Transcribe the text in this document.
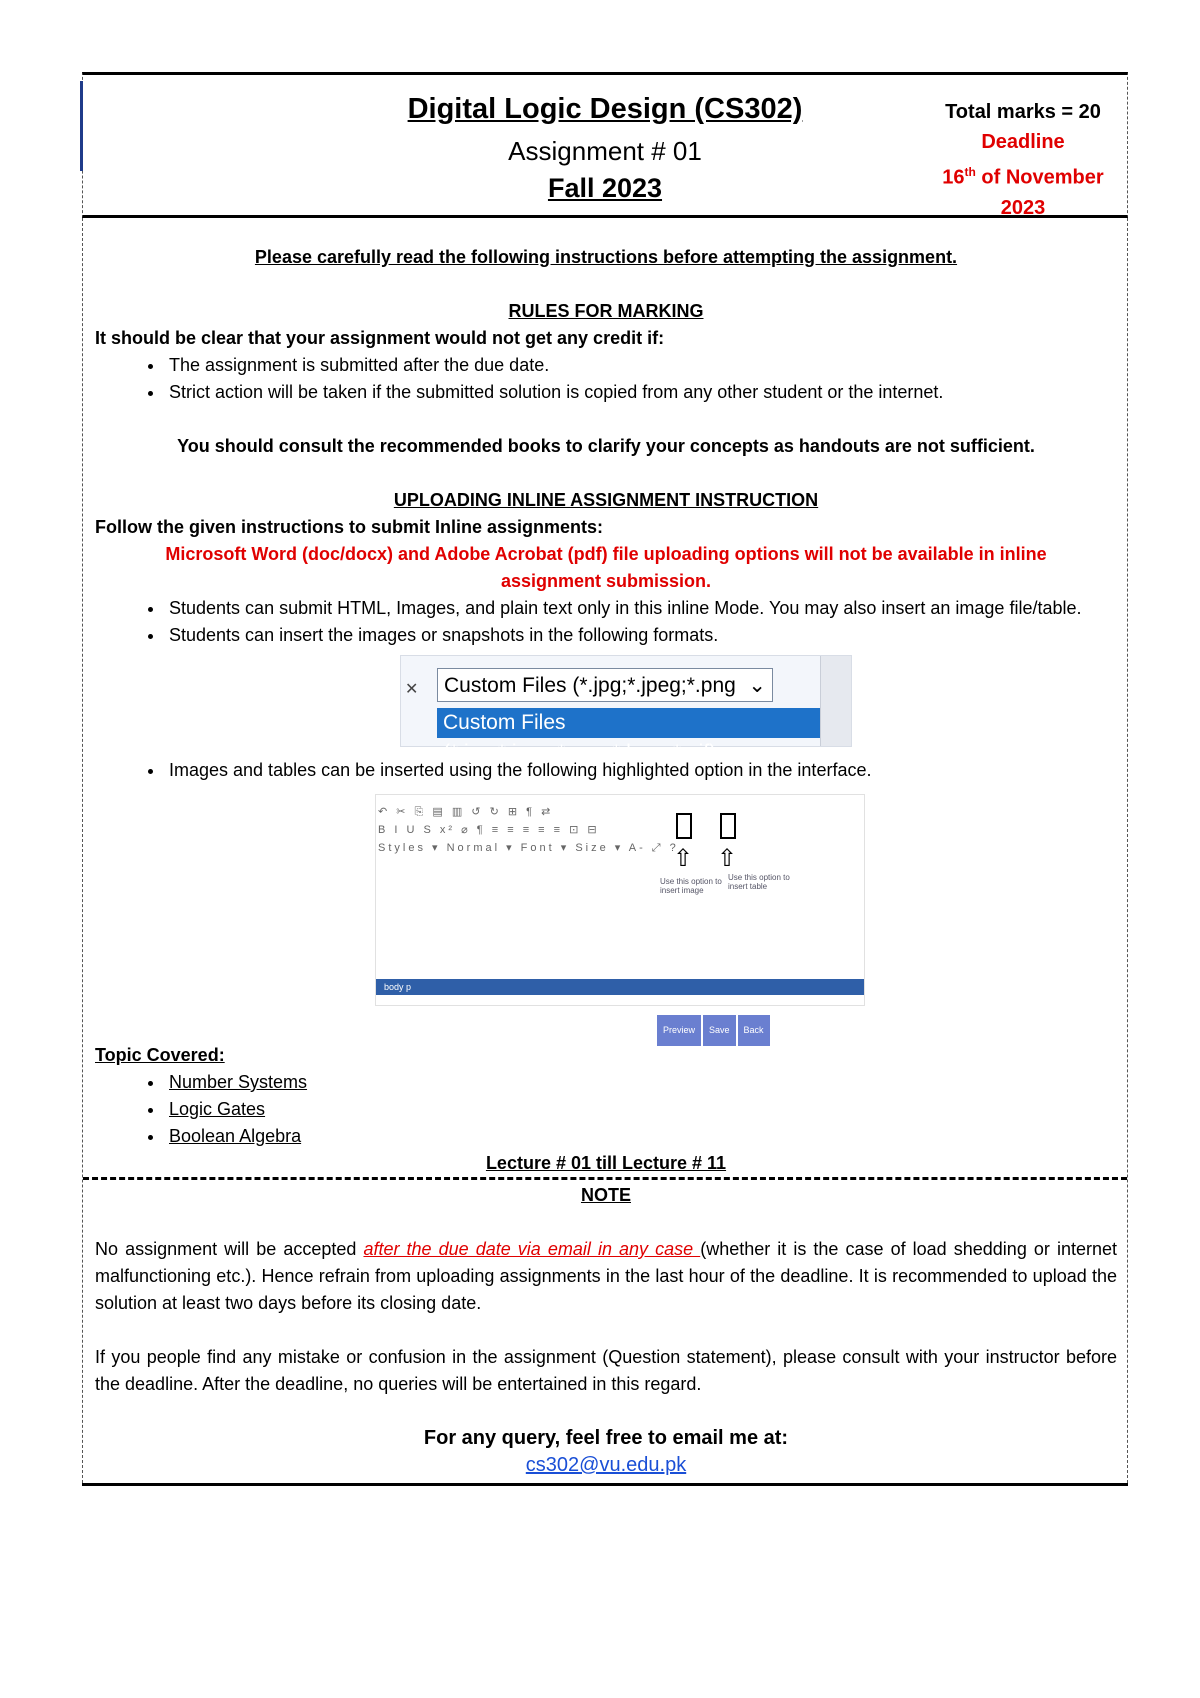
Digital Logic Design (CS302)
Assignment # 01
Fall 2023
Total marks = 20
Deadline
16th of November
2023
Please carefully read the following instructions before attempting the assignment.
RULES FOR MARKING
It should be clear that your assignment would not get any credit if:
• The assignment is submitted after the due date.
• Strict action will be taken if the submitted solution is copied from any other student or the internet.
You should consult the recommended books to clarify your concepts as handouts are not sufficient.
UPLOADING INLINE ASSIGNMENT INSTRUCTION
Follow the given instructions to submit Inline assignments:
Microsoft Word (doc/docx) and Adobe Acrobat (pdf) file uploading options will not be available in inline assignment submission.
• Students can submit HTML, Images, and plain text only in this inline Mode. You may also insert an image file/table.
• Students can insert the images or snapshots in the following formats.
✕	Custom Files (*.jpg;*.jpeg;*.png ⌄
Custom Files (*.jpg;*.jpeg;*.png;*.bmp;*.gif)
• Images and tables can be inserted using the following highlighted option in the interface.
↶ ✂ ⎘ ▤ ▥ ↺ ↻ ⊞ ¶ ⇄
B I U S x² ⌀ ¶ ≡ ≡ ≡ ≡ ≡ ⊡ ⊟
Styles ▾ Normal ▾ Font ▾ Size ▾ A- ⤢ ?
⇧ ⇧
Use this option to insert image
Use this option to insert table
body p
Preview Save Back
Topic Covered:
• Number Systems
• Logic Gates
• Boolean Algebra
Lecture # 01 till Lecture # 11
NOTE
No assignment will be accepted after the due date via email in any case (whether it is the case of load shedding or internet malfunctioning etc.). Hence refrain from uploading assignments in the last hour of the deadline. It is recommended to upload the solution at least two days before its closing date.
If you people find any mistake or confusion in the assignment (Question statement), please consult with your instructor before the deadline. After the deadline, no queries will be entertained in this regard.
For any query, feel free to email me at:
cs302@vu.edu.pk
